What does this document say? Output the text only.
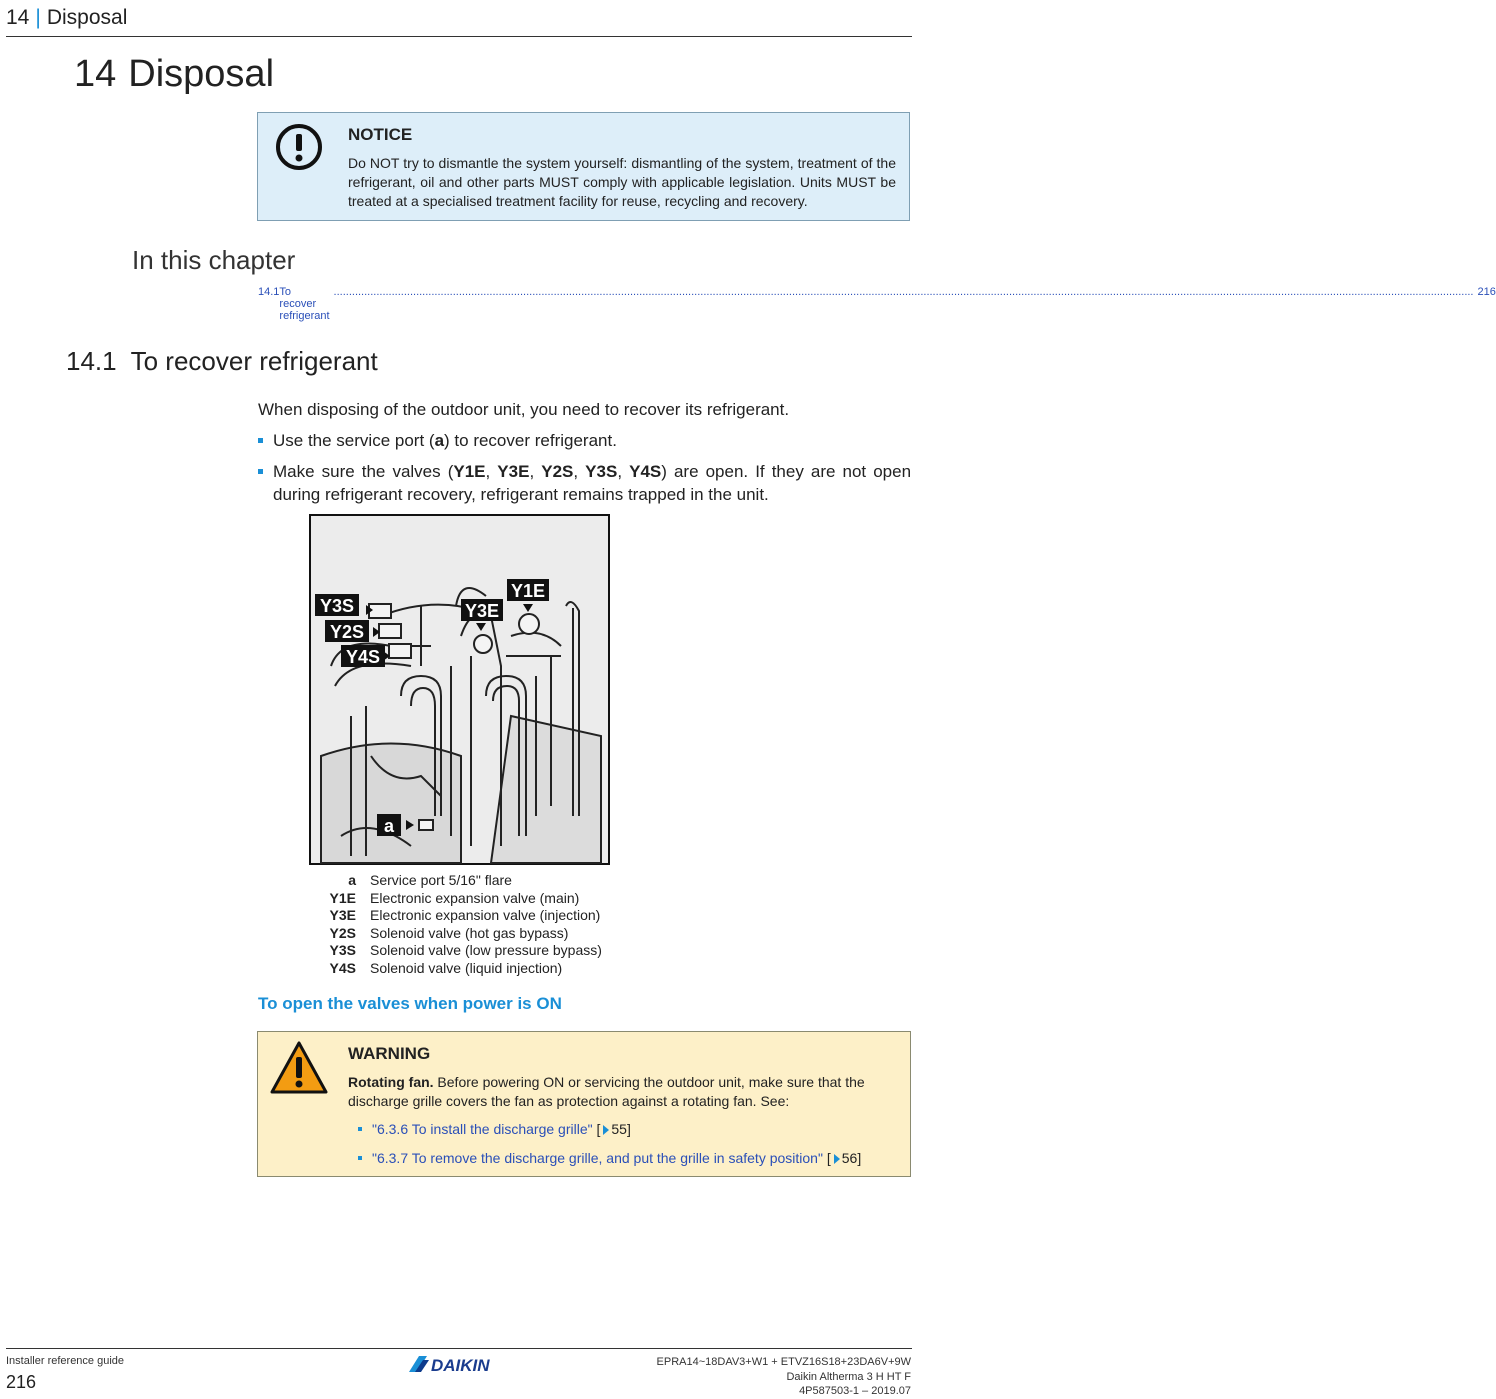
14 | Disposal
14 Disposal
NOTICE
Do NOT try to dismantle the system yourself: dismantling of the system, treatment of the refrigerant, oil and other parts MUST comply with applicable legislation. Units MUST be treated at a specialised treatment facility for reuse, recycling and recovery.
In this chapter
14.1 To recover refrigerant
..................................................................................................................................................................................................................................................................................................................................................................................... 216
14.1 To recover refrigerant
When disposing of the outdoor unit, you need to recover its refrigerant.
Use the service port (a) to recover refrigerant.
Make sure the valves (Y1E, Y3E, Y2S, Y3S, Y4S) are open. If they are not open during refrigerant recovery, refrigerant remains trapped in the unit.
Y3S
Y2S
Y4S
Y3E
Y1E
a
a	Service port 5/16" flare
Y1E	Electronic expansion valve (main)
Y3E	Electronic expansion valve (injection)
Y2S	Solenoid valve (hot gas bypass)
Y3S	Solenoid valve (low pressure bypass)
Y4S	Solenoid valve (liquid injection)
To open the valves when power is ON
WARNING
Rotating fan. Before powering ON or servicing the outdoor unit, make sure that the discharge grille covers the fan as protection against a rotating fan. See:
"6.3.6 To install the discharge grille" [ 55]
"6.3.7 To remove the discharge grille, and put the grille in safety position" [ 56]
Installer reference guide
216
DAIKIN	EPRA14~18DAV3+W1 + ETVZ16S18+23DA6V+9W
Daikin Altherma 3 H HT F
4P587503-1 – 2019.07
